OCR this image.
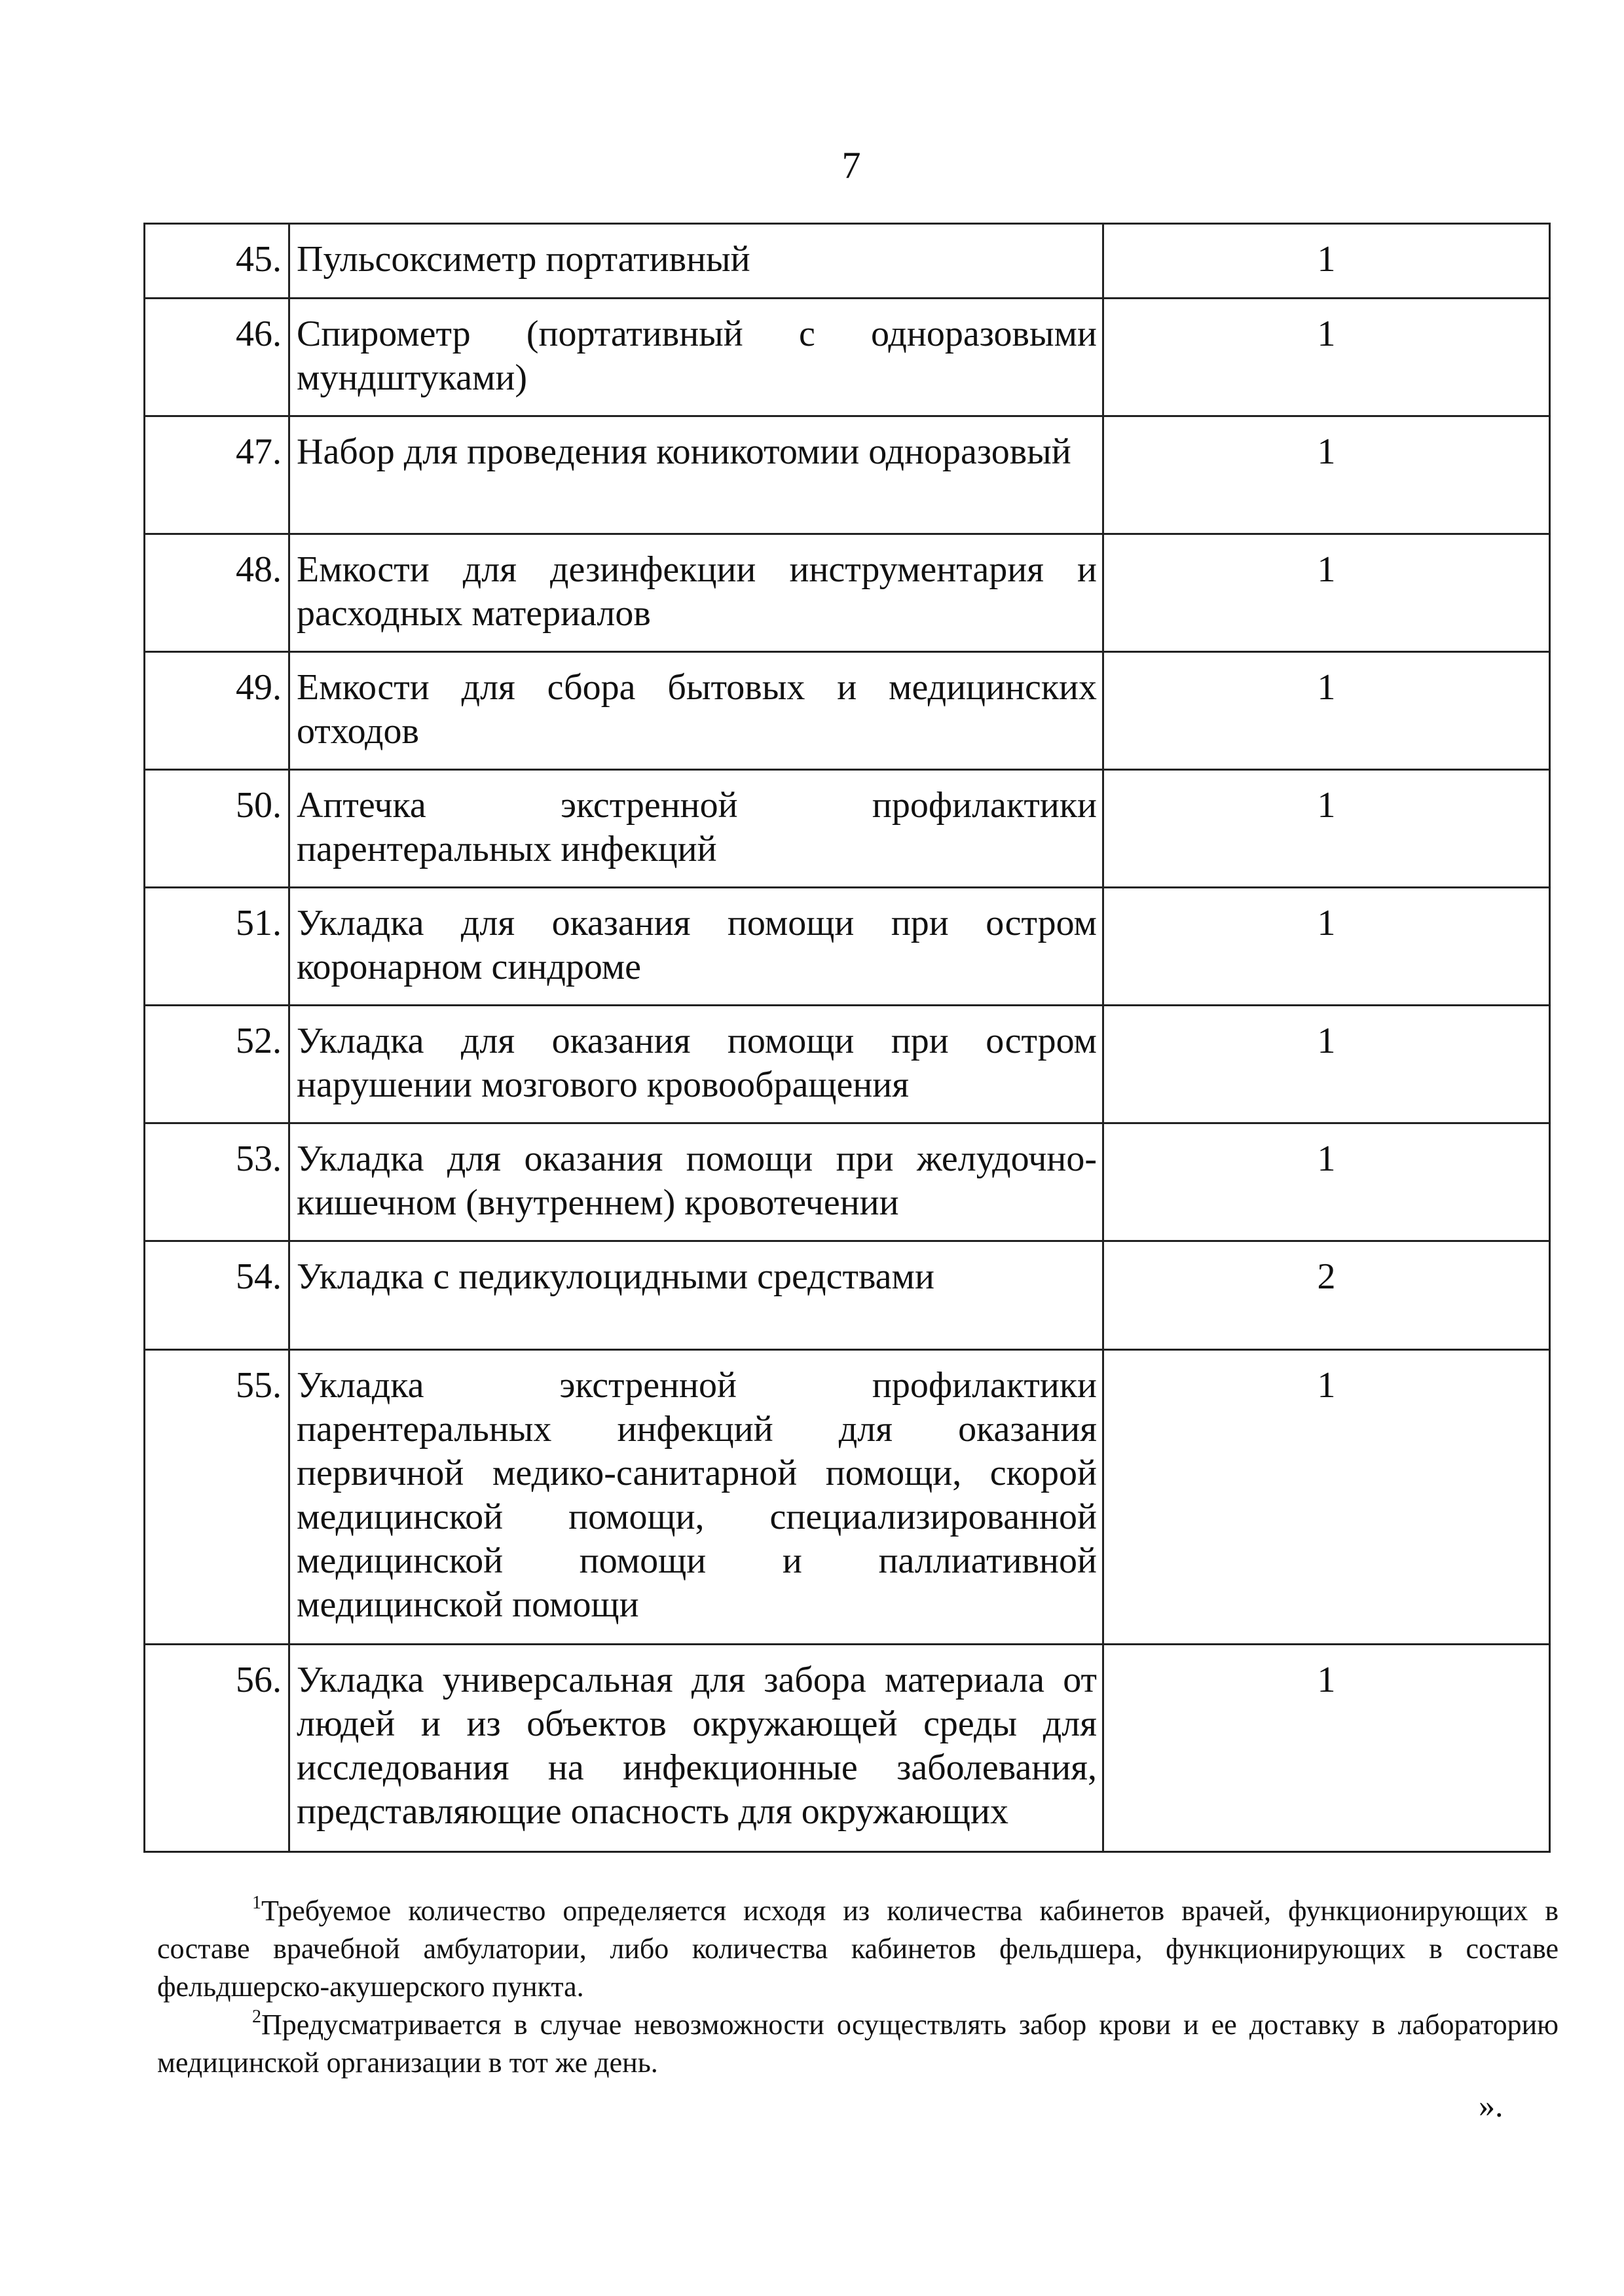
7
45.	Пульсоксиметр портативный	1
46.	Спирометр (портативный с одноразовыми мундштуками)	1
47.	Набор для проведения коникотомии одноразовый	1
48.	Емкости для дезинфекции инструментария и расходных материалов	1
49.	Емкости для сбора бытовых и медицинских отходов	1
50.	Аптечка экстренной профилактики парентеральных инфекций	1
51.	Укладка для оказания помощи при остром коронарном синдроме	1
52.	Укладка для оказания помощи при остром нарушении мозгового кровообращения	1
53.	Укладка для оказания помощи при желудочно-кишечном (внутреннем) кровотечении	1
54.	Укладка с педикулоцидными средствами	2
55.	Укладка экстренной профилактики парентеральных инфекций для оказания первичной медико-санитарной помощи, скорой медицинской помощи, специализированной медицинской помощи и паллиативной медицинской помощи	1
56.	Укладка универсальная для забора материала от людей и из объектов окружающей среды для исследования на инфекционные заболевания, представляющие опасность для окружающих	1

$^1$Требуемое количество определяется исходя из количества кабинетов врачей, функционирующих в составе врачебной амбулатории, либо количества кабинетов фельдшера, функционирующих в составе фельдшерско-акушерского пункта.

$^2$Предусматривается в случае невозможности осуществлять забор крови и ее доставку в лабораторию медицинской организации в тот же день.

».
